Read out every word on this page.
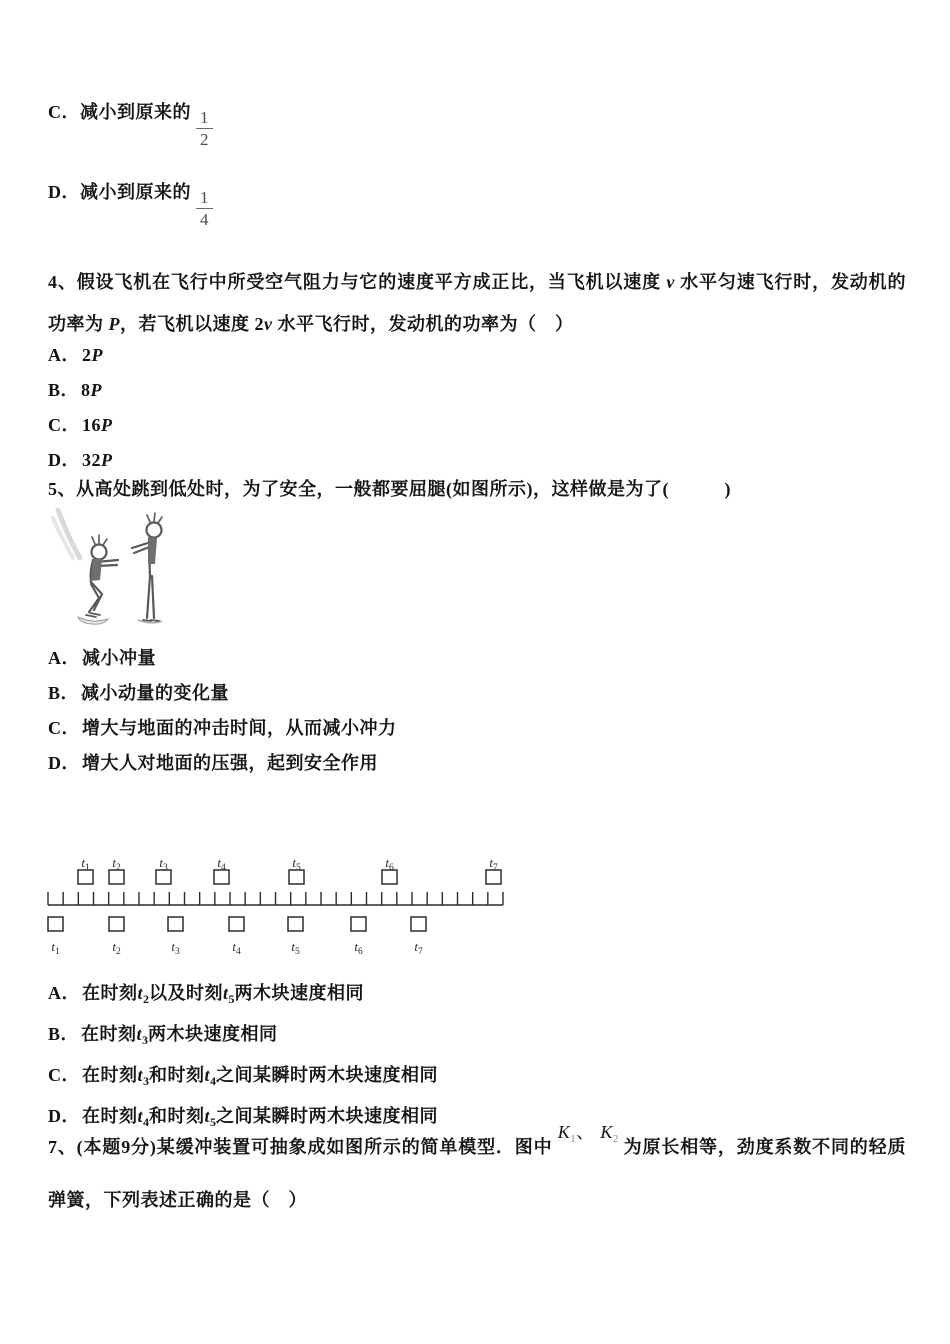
C．减小到原来的 $\frac{1}{2}$
D．减小到原来的 $\frac{1}{4}$
4、假设飞机在飞行中所受空气阻力与它的速度平方成正比，当飞机以速度 v 水平匀速飞行时，发动机的功率为 P，若飞机以速度 2v 水平飞行时，发动机的功率为（　）
A． 2P
B． 8P
C． 16P
D． 32P
5、从高处跳到低处时，为了安全，一般都要屈腿(如图所示)，这样做是为了(　　　)
A． 减小冲量
B． 减小动量的变化量
C． 增大与地面的冲击时间，从而减小冲力
D． 增大人对地面的压强，起到安全作用
$t_1$ $t_2$	$t_3$	$t_4$	$t_5$	$t_6$	$t_7$
$t_1$	$t_2$	$t_3$	$t_4$	$t_5$	$t_6$	$t_7$
A． 在时刻$t_2$以及时刻$t_5$两木块速度相同
B． 在时刻$t_3$两木块速度相同
C． 在时刻$t_3$和时刻$t_4$之间某瞬时两木块速度相同
D． 在时刻$t_4$和时刻$t_5$之间某瞬时两木块速度相同
7、(本题9分)某缓冲装置可抽象成如图所示的简单模型．图中 $K^1$、 $K^2$ 为原长相等，劲度系数不同的轻质弹簧，下列表述正确的是（　）
